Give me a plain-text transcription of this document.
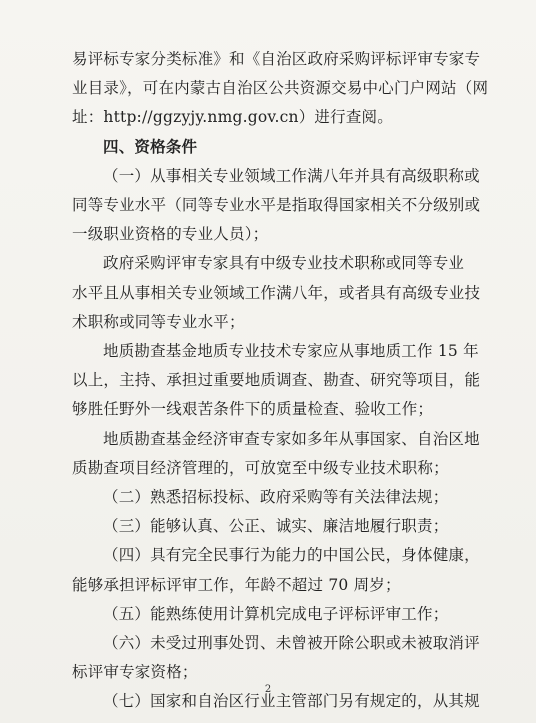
易评标专家分类标准》和《自治区政府采购评标评审专家专
业目录》，可在内蒙古自治区公共资源交易中心门户网站（网
址：http://ggzyjy.nmg.gov.cn）进行查阅。
四、资格条件
（一）从事相关专业领域工作满八年并具有高级职称或
同等专业水平（同等专业水平是指取得国家相关不分级别或
一级职业资格的专业人员）；
政府采购评审专家具有中级专业技术职称或同等专业
水平且从事相关专业领域工作满八年，或者具有高级专业技
术职称或同等专业水平；
地质勘查基金地质专业技术专家应从事地质工作 15 年
以上，主持、承担过重要地质调查、勘查、研究等项目，能
够胜任野外一线艰苦条件下的质量检查、验收工作；
地质勘查基金经济审查专家如多年从事国家、自治区地
质勘查项目经济管理的，可放宽至中级专业技术职称；
（二）熟悉招标投标、政府采购等有关法律法规；
（三）能够认真、公正、诚实、廉洁地履行职责；
（四）具有完全民事行为能力的中国公民，身体健康，
能够承担评标评审工作，年龄不超过 70 周岁；
（五）能熟练使用计算机完成电子评标评审工作；
（六）未受过刑事处罚、未曾被开除公职或未被取消评
标评审专家资格；
（七）国家和自治区行业主管部门另有规定的，从其规
2
